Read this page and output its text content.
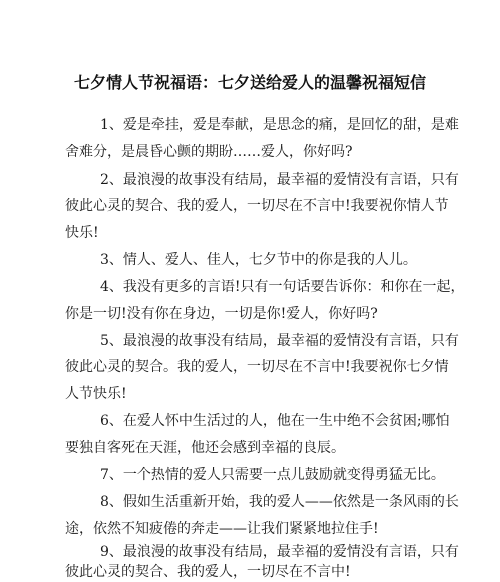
七夕情人节祝福语：七夕送给爱人的温馨祝福短信
1、爱是牵挂，爱是奉献，是思念的痛，是回忆的甜，是难
舍难分，是晨昏心颤的期盼……爱人，你好吗?
2、最浪漫的故事没有结局，最幸福的爱情没有言语，只有
彼此心灵的契合、我的爱人，一切尽在不言中!我要祝你情人节
快乐!
3、情人、爱人、佳人，七夕节中的你是我的人儿。
4、我没有更多的言语!只有一句话要告诉你：和你在一起，
你是一切!没有你在身边，一切是你!爱人，你好吗?
5、最浪漫的故事没有结局，最幸福的爱情没有言语，只有
彼此心灵的契合。我的爱人，一切尽在不言中!我要祝你七夕情
人节快乐!
6、在爱人怀中生活过的人，他在一生中绝不会贫困;哪怕
要独自客死在天涯，他还会感到幸福的良辰。
7、一个热情的爱人只需要一点儿鼓励就变得勇猛无比。
8、假如生活重新开始，我的爱人——依然是一条风雨的长
途，依然不知疲倦的奔走——让我们紧紧地拉住手!
9、最浪漫的故事没有结局，最幸福的爱情没有言语，只有
彼此心灵的契合、我的爱人，一切尽在不言中!
